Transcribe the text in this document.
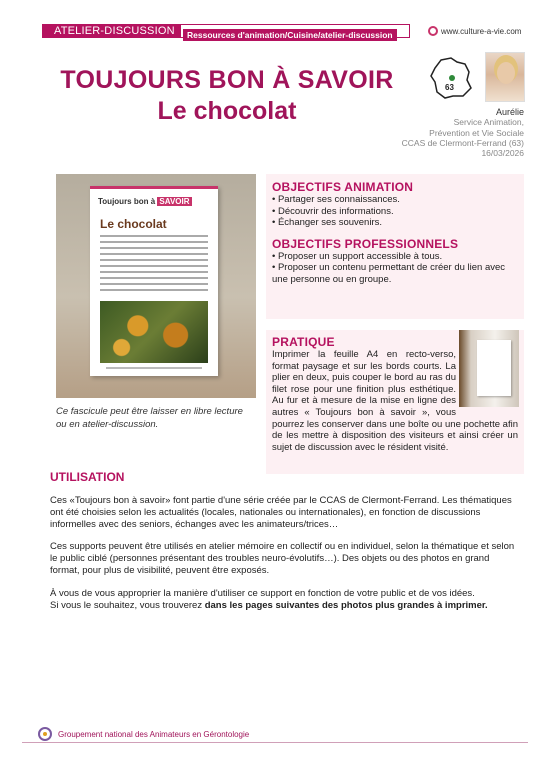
ATELIER-DISCUSSION	Ressources d'animation/Cuisine/atelier-discussion	www.culture-a-vie.com
TOUJOURS BON À SAVOIR
Le chocolat
63
Aurélie
Service Animation,
Prévention et Vie Sociale
CCAS de Clermont-Ferrand (63)
16/03/2026
Toujours bon à SAVOIR
Le chocolat
Ce fascicule peut être laisser en libre lecture ou en atelier-discussion.
OBJECTIFS ANIMATION
• Partager ses connaissances.
• Découvrir des informations.
• Échanger ses souvenirs.
OBJECTIFS PROFESSIONNELS
• Proposer un support accessible à tous.
• Proposer un contenu permettant de créer du lien avec une personne ou en groupe.
PRATIQUE
Imprimer la feuille A4 en recto-verso, format paysage et sur les bords courts. La plier en deux, puis couper le bord au ras du filet rose pour une finition plus esthétique. Au fur et à mesure de la mise en ligne des autres « Toujours bon à savoir », vous pourrez les conserver dans une boîte ou une pochette afin de les mettre à disposition des visiteurs et ainsi créer un sujet de discussion avec le résident visité.
UTILISATION

Ces «Toujours bon à savoir» font partie d'une série créée par le CCAS de Clermont-Ferrand. Les thématiques ont été choisies selon les actualités (locales, nationales ou internationales), en fonction de discussions informelles avec des seniors, échanges avec les animateurs/trices…

Ces supports peuvent être utilisés en atelier mémoire en collectif ou en individuel, selon la thématique et selon le public ciblé (personnes présentant des troubles neuro-évolutifs…). Des objets ou des photos en grand format, pour plus de visibilité, peuvent être exposés.

À vous de vous approprier la manière d'utiliser ce support en fonction de votre public et de vos idées.
Si vous le souhaitez, vous trouverez dans les pages suivantes des photos plus grandes à imprimer.

Groupement national des Animateurs en Gérontologie
